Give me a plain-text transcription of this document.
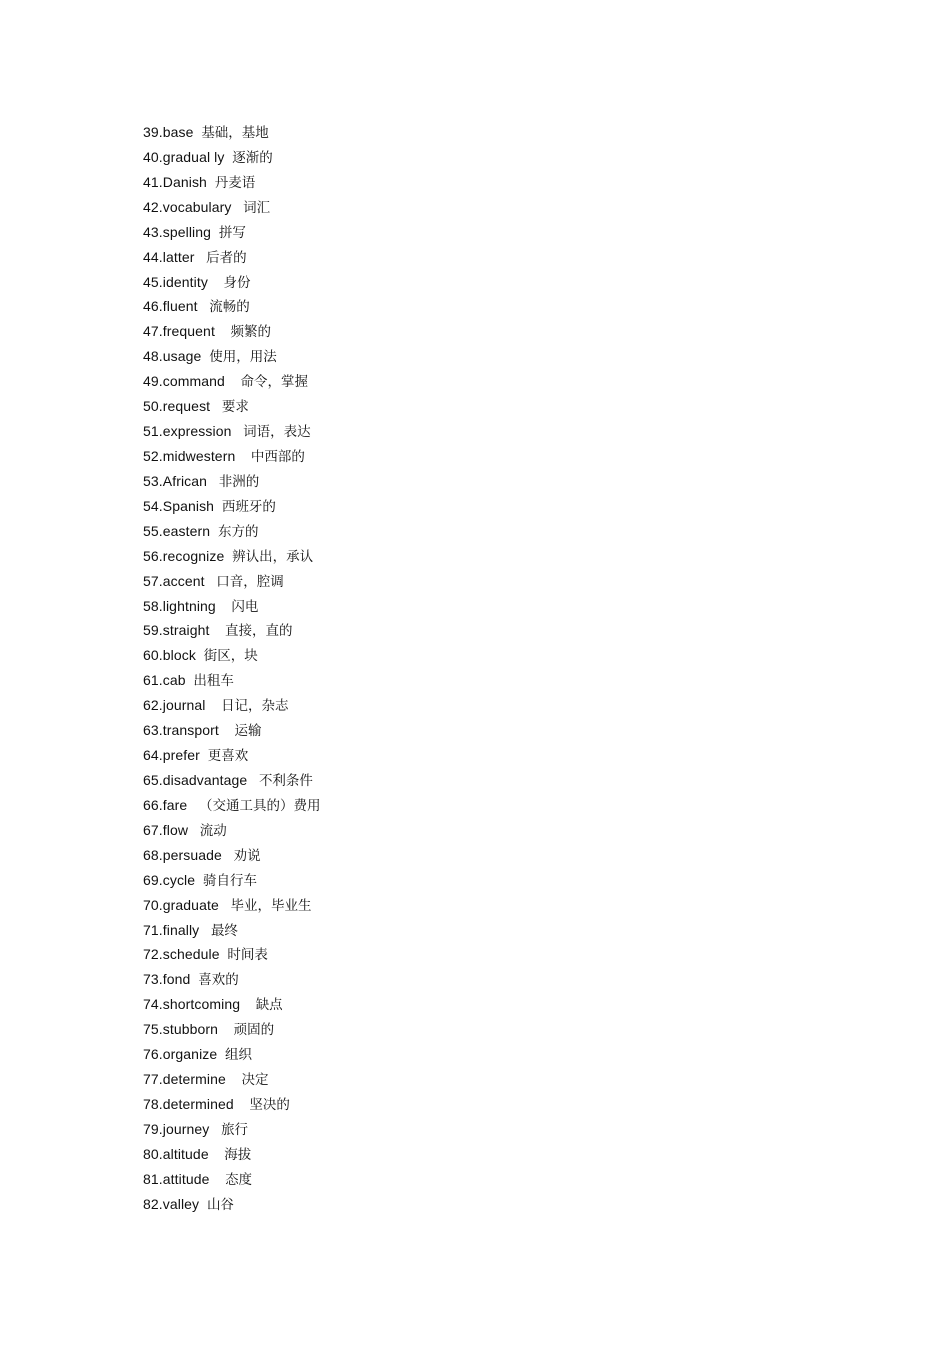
39.base 基础，基地
40.gradual ly 逐渐的
41.Danish 丹麦语
42.vocabulary 词汇
43.spelling 拼写
44.latter 后者的
45.identity 身份
46.fluent 流畅的
47.frequent 频繁的
48.usage 使用，用法
49.command 命令，掌握
50.request 要求
51.expression 词语，表达
52.midwestern 中西部的
53.African 非洲的
54.Spanish 西班牙的
55.eastern 东方的
56.recognize 辨认出，承认
57.accent 口音，腔调
58.lightning 闪电
59.straight 直接，直的
60.block 街区，块
61.cab 出租车
62.journal 日记，杂志
63.transport 运输
64.prefer 更喜欢
65.disadvantage 不利条件
66.fare （交通工具的）费用
67.flow 流动
68.persuade 劝说
69.cycle 骑自行车
70.graduate 毕业，毕业生
71.finally 最终
72.schedule 时间表
73.fond 喜欢的
74.shortcoming 缺点
75.stubborn 顽固的
76.organize 组织
77.determine 决定
78.determined 坚决的
79.journey 旅行
80.altitude 海拔
81.attitude 态度
82.valley 山谷
